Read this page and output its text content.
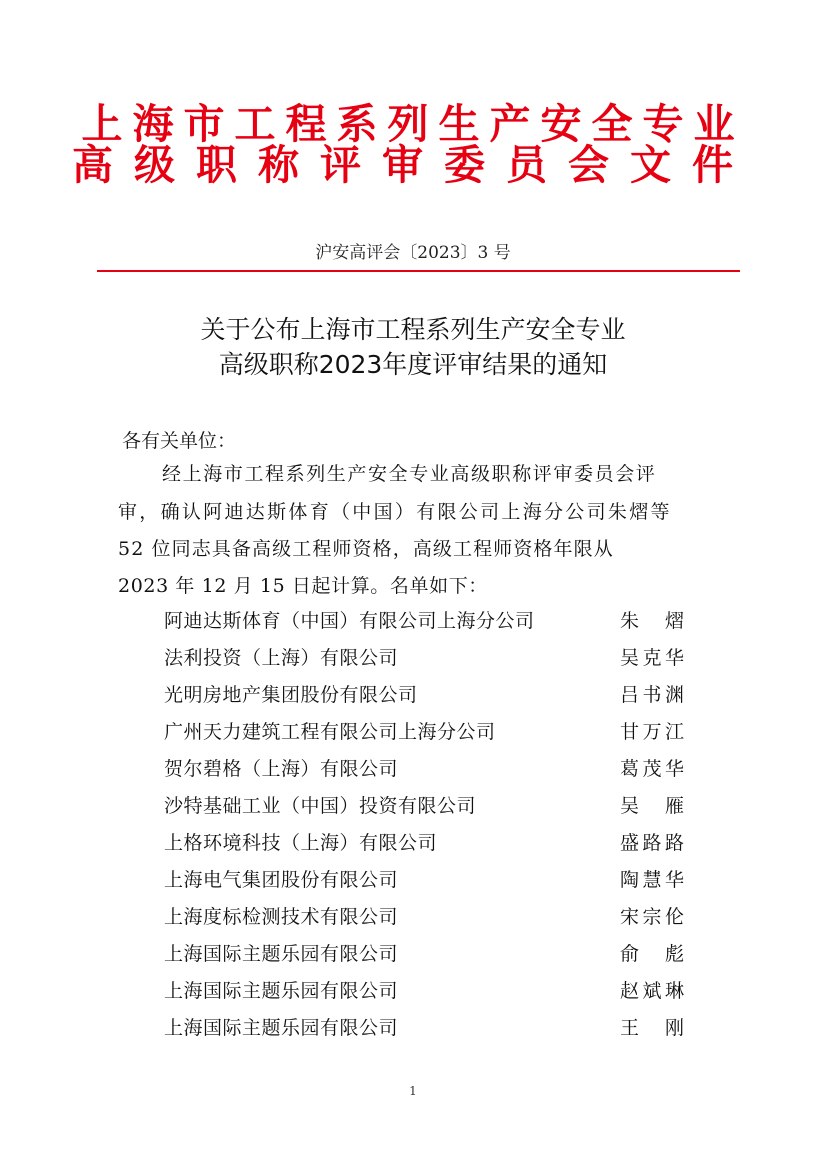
上海市工程系列生产安全专业
高级职称评审委员会文件
沪安高评会〔2023〕3 号
关于公布上海市工程系列生产安全专业
高级职称2023年度评审结果的通知
各有关单位：
经上海市工程系列生产安全专业高级职称评审委员会评
审，确认阿迪达斯体育（中国）有限公司上海分公司朱熠等
52 位同志具备高级工程师资格，高级工程师资格年限从
2023 年 12 月 15 日起计算。名单如下：
阿迪达斯体育（中国）有限公司上海分公司	朱 熠
法利投资（上海）有限公司	吴克华
光明房地产集团股份有限公司	吕书渊
广州天力建筑工程有限公司上海分公司	甘万江
贺尔碧格（上海）有限公司	葛茂华
沙特基础工业（中国）投资有限公司	吴 雁
上格环境科技（上海）有限公司	盛路路
上海电气集团股份有限公司	陶慧华
上海度标检测技术有限公司	宋宗伦
上海国际主题乐园有限公司	俞 彪
上海国际主题乐园有限公司	赵斌琳
上海国际主题乐园有限公司	王 刚
1
